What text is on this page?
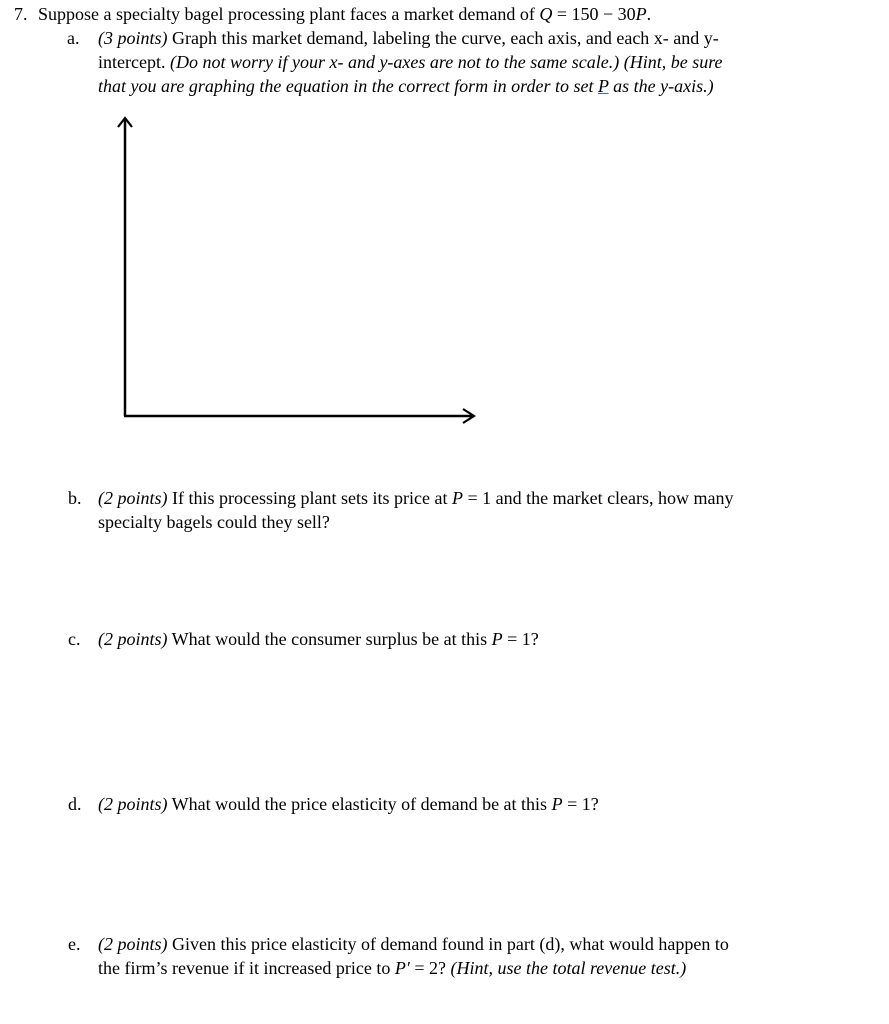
7. Suppose a specialty bagel processing plant faces a market demand of Q = 150 − 30P.
a. (3 points) Graph this market demand, labeling the curve, each axis, and each x- and y-
intercept. (Do not worry if your x- and y-axes are not to the same scale.) (Hint, be sure
that you are graphing the equation in the correct form in order to set P as the y-axis.)
b. (2 points) If this processing plant sets its price at P = 1 and the market clears, how many
specialty bagels could they sell?
c. (2 points) What would the consumer surplus be at this P = 1?
d. (2 points) What would the price elasticity of demand be at this P = 1?
e. (2 points) Given this price elasticity of demand found in part (d), what would happen to
the firm’s revenue if it increased price to P′ = 2? (Hint, use the total revenue test.)
